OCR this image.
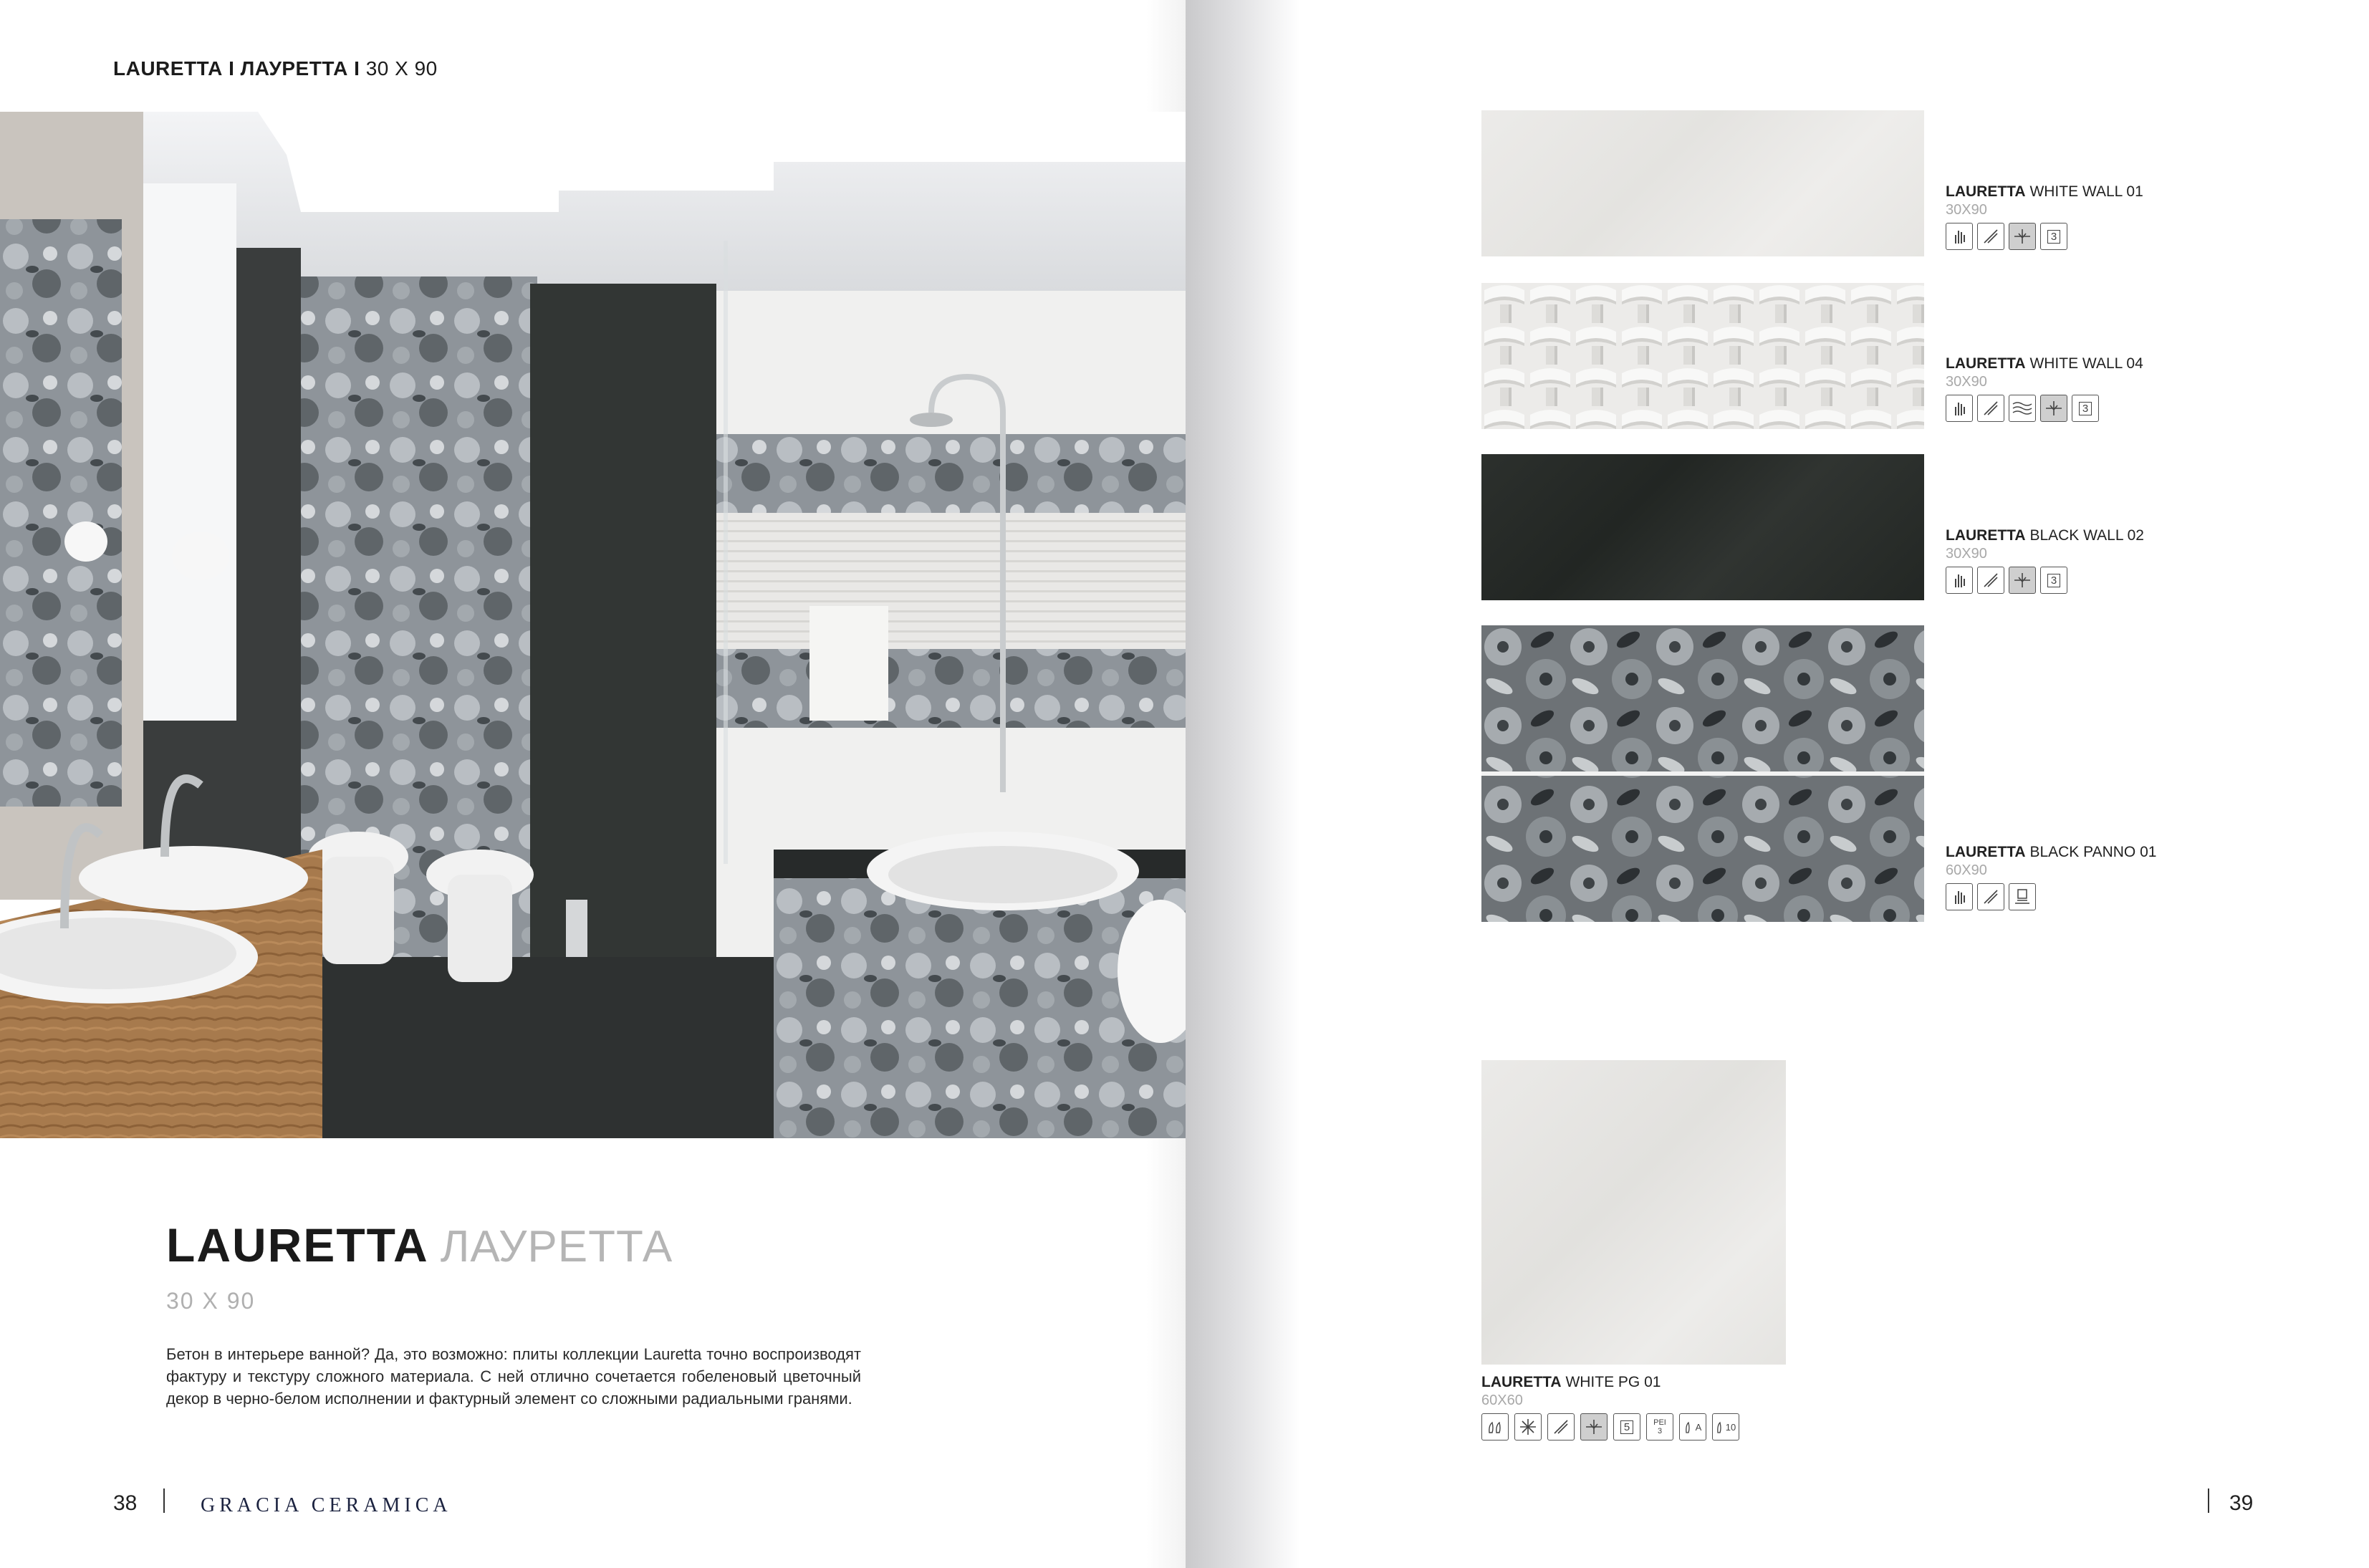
LAURETTA I ЛАУРЕТТА I 30 X 90
LAURETTA ЛАУРЕТТА
30 X 90
Бетон в интерьере ванной? Да, это возможно: плиты коллекции Lauretta точно воспроизводят фактуру и текстуру сложного материала. С ней отлично сочетается гобеленовый цветочный декор в черно-белом исполнении и фактурный элемент со сложными радиальными гранями.
38	GRACIA CERAMICA	39
LAURETTA WHITE WALL 01
30X90
3
LAURETTA WHITE WALL 04
30X90
3
LAURETTA BLACK WALL 02
30X90
3
LAURETTA BLACK PANNO 01
60X90
LAURETTA WHITE PG 01
60X60
5	PEI
3	A	10
